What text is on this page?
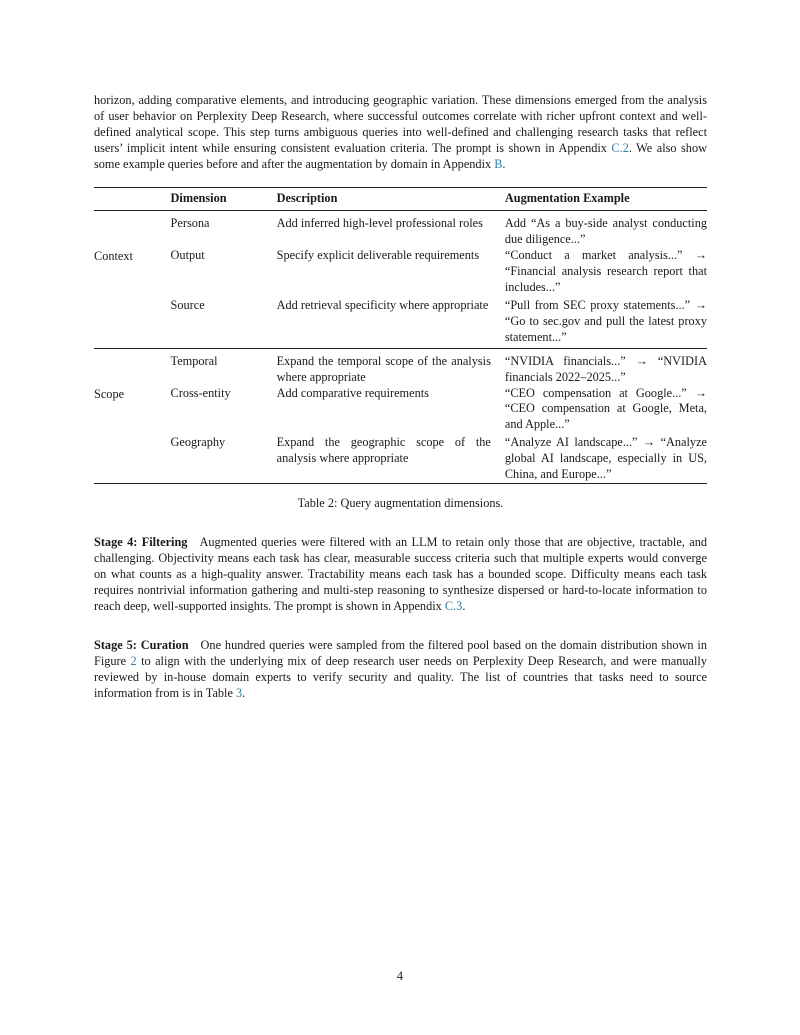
horizon, adding comparative elements, and introducing geographic variation. These dimensions emerged from the analysis of user behavior on Perplexity Deep Research, where successful outcomes correlate with richer upfront context and well-defined analytical scope. This step turns ambiguous queries into well-defined and challenging research tasks that reflect users’ implicit intent while ensuring consistent evaluation criteria. The prompt is shown in Appendix C.2. We also show some example queries before and after the augmentation by domain in Appendix B.

	Dimension	Description	Augmentation Example
Context	Persona	Add inferred high-level professional roles	Add “As a buy-side analyst conducting due diligence...”
	Output	Specify explicit deliverable requirements	“Conduct a market analysis...” → “Financial analysis research report that includes...”
	Source	Add retrieval specificity where appropriate	“Pull from SEC proxy statements...” → “Go to sec.gov and pull the latest proxy statement...”
Scope	Temporal	Expand the temporal scope of the analysis where appropriate	“NVIDIA financials...” → “NVIDIA financials 2022–2025...”
	Cross-entity	Add comparative requirements	“CEO compensation at Google...” → “CEO compensation at Google, Meta, and Apple...”
	Geography	Expand the geographic scope of the analysis where appropriate	“Analyze AI landscape...” → “Analyze global AI landscape, especially in US, China, and Europe...”
Table 2: Query augmentation dimensions.

Stage 4: Filtering Augmented queries were filtered with an LLM to retain only those that are objective, tractable, and challenging. Objectivity means each task has clear, measurable success criteria such that multiple experts would converge on what counts as a high-quality answer. Tractability means each task has a bounded scope. Difficulty means each task requires nontrivial information gathering and multi-step reasoning to synthesize dispersed or hard-to-locate information to reach deep, well-supported insights. The prompt is shown in Appendix C.3.

Stage 5: Curation One hundred queries were sampled from the filtered pool based on the domain distribution shown in Figure 2 to align with the underlying mix of deep research user needs on Perplexity Deep Research, and were manually reviewed by in-house domain experts to verify security and quality. The list of countries that tasks need to source information from is in Table 3.

4
